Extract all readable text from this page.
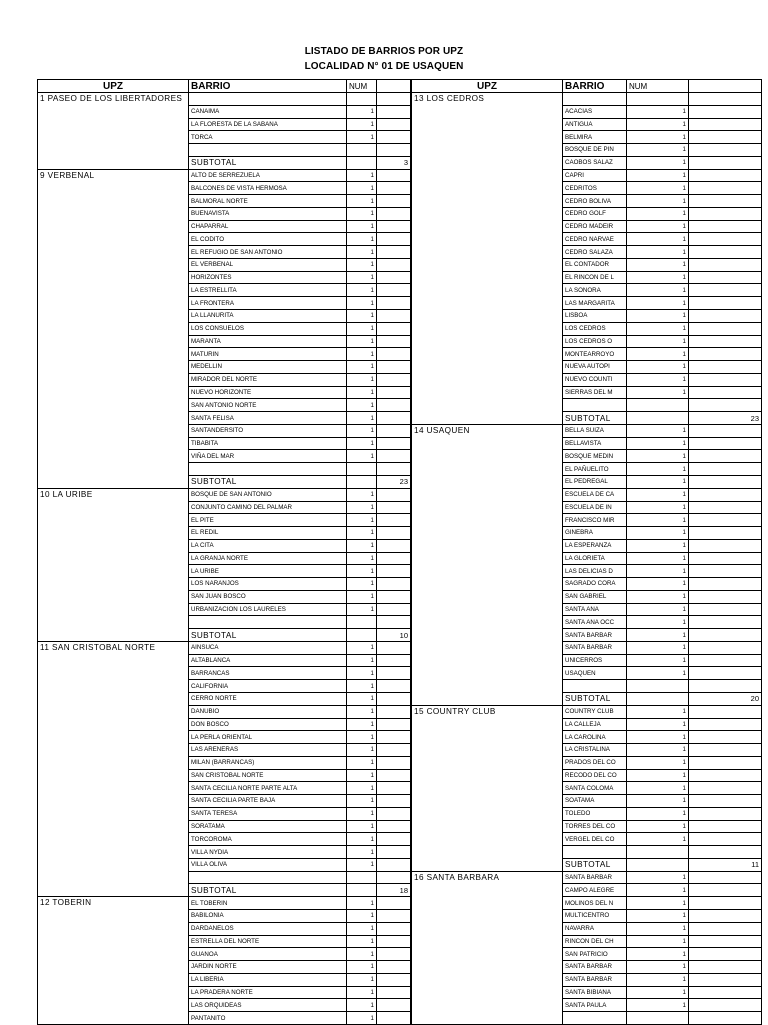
LISTADO DE BARRIOS POR UPZ
LOCALIDAD N° 01 DE USAQUEN
UPZ	BARRIO	NUM	
1 PASEO DE LOS LIBERTADORES			
	CANAIMA	1	
	LA FLORESTA DE LA SABANA	1	
	TORCA	1	

	SUBTOTAL		3
9 VERBENAL	ALTO DE SERREZUELA	1	
	BALCONES DE VISTA HERMOSA	1	
	BALMORAL NORTE	1	
	BUENAVISTA	1	
	CHAPARRAL	1	
	EL CODITO	1	
	EL REFUGIO DE SAN ANTONIO	1	
	EL VERBENAL	1	
	HORIZONTES	1	
	LA ESTRELLITA	1	
	LA FRONTERA	1	
	LA LLANURITA	1	
	LOS CONSUELOS	1	
	MARANTA	1	
	MATURIN	1	
	MEDELLIN	1	
	MIRADOR DEL NORTE	1	
	NUEVO HORIZONTE	1	
	SAN ANTONIO NORTE	1	
	SANTA FELISA	1	
	SANTANDERSITO	1	
	TIBABITA	1	
	VIÑA DEL MAR	1	

	SUBTOTAL		23
10 LA URIBE	BOSQUE DE SAN ANTONIO	1	
	CONJUNTO CAMINO DEL PALMAR	1	
	EL PITE	1	
	EL REDIL	1	
	LA CITA	1	
	LA GRANJA NORTE	1	
	LA URIBE	1	
	LOS NARANJOS	1	
	SAN JUAN BOSCO	1	
	URBANIZACION LOS LAURELES	1	

	SUBTOTAL		10
11 SAN CRISTOBAL NORTE	AINSUCA	1	
	ALTABLANCA	1	
	BARRANCAS	1	
	CALIFORNIA	1	
	CERRO NORTE	1	
	DANUBIO	1	
	DON BOSCO	1	
	LA PERLA ORIENTAL	1	
	LAS ARENERAS	1	
	MILAN (BARRANCAS)	1	
	SAN CRISTOBAL NORTE	1	
	SANTA CECILIA NORTE PARTE ALTA	1	
	SANTA CECILIA PARTE BAJA	1	
	SANTA TERESA	1	
	SORATAMA	1	
	TORCOROMA	1	
	VILLA NYDIA	1	
	VILLA OLIVA	1	

	SUBTOTAL		18
12 TOBERIN	EL TOBERIN	1	
	BABILONIA	1	
	DARDANELOS	1	
	ESTRELLA DEL NORTE	1	
	GUANOA	1	
	JARDIN NORTE	1	
	LA LIBERIA	1	
	LA PRADERA NORTE	1	
	LAS ORQUIDEAS	1	
	PANTANITO	1	
UPZ	BARRIO	NUM	
13 LOS CEDROS			
	ACACIAS	1	
	ANTIGUA	1	
	BELMIRA	1	
	BOSQUE DE PIN	1	
	CAOBOS SALAZ	1	
	CAPRI	1	
	CEDRITOS	1	
	CEDRO BOLIVA	1	
	CEDRO GOLF	1	
	CEDRO MADEIR	1	
	CEDRO NARVAE	1	
	CEDRO SALAZA	1	
	EL CONTADOR	1	
	EL RINCON DE L	1	
	LA SONORA	1	
	LAS MARGARITA	1	
	LISBOA	1	
	LOS CEDROS	1	
	LOS CEDROS O	1	
	MONTEARROYO	1	
	NUEVA AUTOPI	1	
	NUEVO COUNTI	1	
	SIERRAS DEL M	1	

	SUBTOTAL		23
14 USAQUEN	BELLA SUIZA	1	
	BELLAVISTA	1	
	BOSQUE MEDIN	1	
	EL PAÑUELITO	1	
	EL PEDREGAL	1	
	ESCUELA DE CA	1	
	ESCUELA DE IN	1	
	FRANCISCO MIR	1	
	GINEBRA	1	
	LA ESPERANZA	1	
	LA GLORIETA	1	
	LAS DELICIAS D	1	
	SAGRADO CORA	1	
	SAN GABRIEL	1	
	SANTA ANA	1	
	SANTA ANA OCC	1	
	SANTA BARBAR	1	
	SANTA BARBAR	1	
	UNICERROS	1	
	USAQUEN	1	

	SUBTOTAL		20
15 COUNTRY CLUB	COUNTRY CLUB	1	
	LA CALLEJA	1	
	LA CAROLINA	1	
	LA CRISTALINA	1	
	PRADOS DEL CO	1	
	RECODO DEL CO	1	
	SANTA COLOMA	1	
	SOATAMA	1	
	TOLEDO	1	
	TORRES DEL CO	1	
	VERGEL DEL CO	1	

	SUBTOTAL		11
16 SANTA BARBARA	SANTA BARBAR	1	
	CAMPO ALEGRE	1	
	MOLINOS DEL N	1	
	MULTICENTRO	1	
	NAVARRA	1	
	RINCON DEL CH	1	
	SAN PATRICIO	1	
	SANTA BARBAR	1	
	SANTA BARBAR	1	
	SANTA BIBIANA	1	
	SANTA PAULA	1	
